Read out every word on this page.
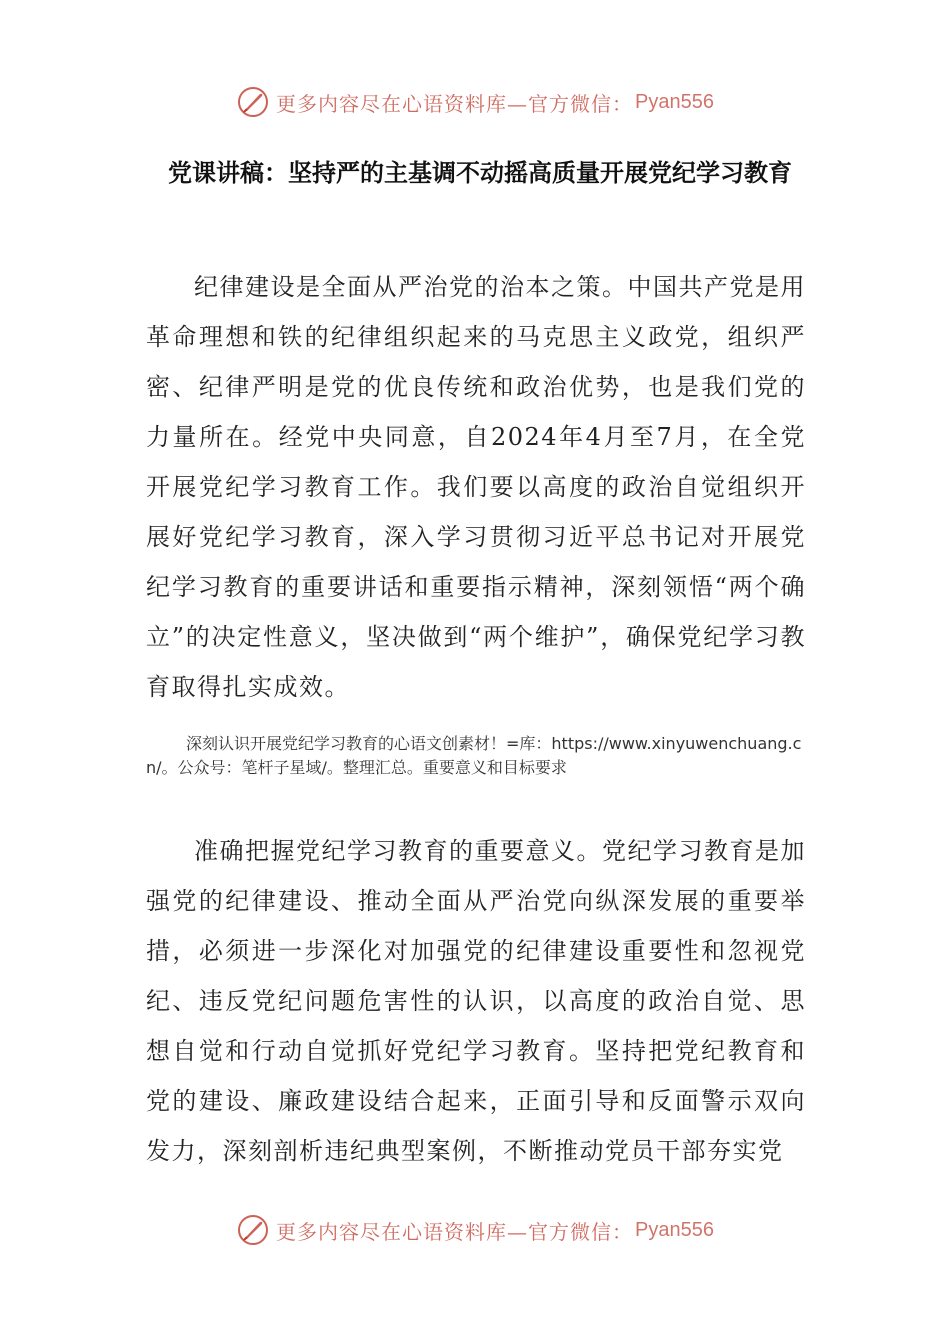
更多内容尽在心语资料库—官方微信： Pyan556
党课讲稿：坚持严的主基调不动摇高质量开展党纪学习教育

纪律建设是全面从严治党的治本之策。中国共产党是用革命理想和铁的纪律组织起来的马克思主义政党，组织严密、纪律严明是党的优良传统和政治优势，也是我们党的力量所在。经党中央同意，自2024年4月至7月，在全党开展党纪学习教育工作。我们要以高度的政治自觉组织开展好党纪学习教育，深入学习贯彻习近平总书记对开展党纪学习教育的重要讲话和重要指示精神，深刻领悟“两个确立”的决定性意义，坚决做到“两个维护”，确保党纪学习教育取得扎实成效。

深刻认识开展党纪学习教育的心语文创素材！=库：https://www.xinyuwenchuang.cn/。公众号：笔杆子星域/。整理汇总。重要意义和目标要求

准确把握党纪学习教育的重要意义。党纪学习教育是加强党的纪律建设、推动全面从严治党向纵深发展的重要举措，必须进一步深化对加强党的纪律建设重要性和忽视党纪、违反党纪问题危害性的认识，以高度的政治自觉、思想自觉和行动自觉抓好党纪学习教育。坚持把党纪教育和党的建设、廉政建设结合起来，正面引导和反面警示双向发力，深刻剖析违纪典型案例，不断推动党员干部夯实党

更多内容尽在心语资料库—官方微信： Pyan556
